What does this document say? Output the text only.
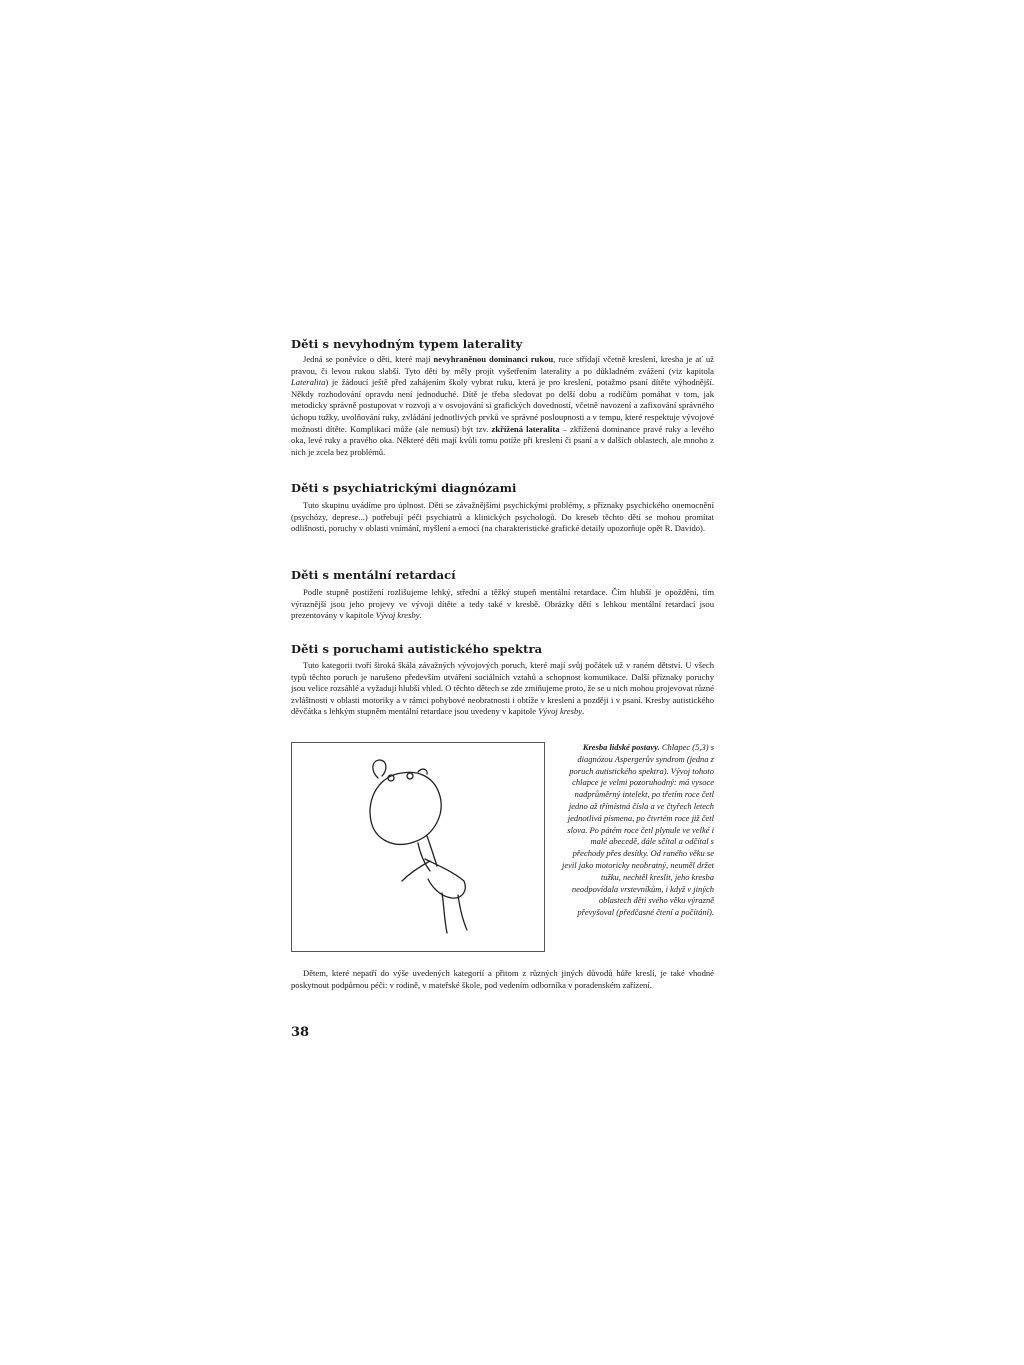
Děti s nevyhodným typem laterality

Jedná se poněvíce o děti, které mají nevyhraněnou dominanci rukou, ruce střídají včetně kreslení, kresba je ať už pravou, či levou rukou slabší. Tyto děti by měly projít vyšetřením laterality a po důkladném zvážení (viz kapitola Lateralita) je žádoucí ještě před zahájením školy vybrat ruku, která je pro kreslení, potažmo psaní dítěte výhodnější. Někdy rozhodování opravdu není jednoduché. Dítě je třeba sledovat po delší dobu a rodičům pomáhat v tom, jak metodicky správně postupovat v rozvoji a v osvojování si grafických dovedností, včetně navození a zafixování správného úchopu tužky, uvolňování ruky, zvládání jednotlivých prvků ve správné posloupnosti a v tempu, které respektuje vývojové možnosti dítěte. Komplikací může (ale nemusí) být tzv. zkřížená lateralita – zkřížená dominance pravé ruky a levého oka, levé ruky a pravého oka. Některé děti mají kvůli tomu potíže při kreslení či psaní a v dalších oblastech, ale mnoho z nich je zcela bez problémů.

Děti s psychiatrickými diagnózami

Tuto skupinu uvádíme pro úplnost. Děti se závažnějšími psychickými problémy, s příznaky psychického onemocnění (psychózy, deprese...) potřebují péči psychiatrů a klinických psychologů. Do kreseb těchto dětí se mohou promítat odlišnosti, poruchy v oblasti vnímání, myšlení a emocí (na charakteristické grafické detaily upozorňuje opět R. Davido).

Děti s mentální retardací

Podle stupně postižení rozlišujeme lehký, střední a těžký stupeň mentální retardace. Čím hlubší je opoždění, tím výraznější jsou jeho projevy ve vývoji dítěte a tedy také v kresbě. Obrázky dětí s lehkou mentální retardací jsou prezentovány v kapitole Vývoj kresby.

Děti s poruchami autistického spektra

Tuto kategorii tvoří široká škála závažných vývojových poruch, které mají svůj počátek už v raném dětství. U všech typů těchto poruch je narušeno především utváření sociálních vztahů a schopnost komunikace. Další příznaky poruchy jsou velice rozsáhlé a vyžadují hlubší vhled. O těchto dětech se zde zmiňujeme proto, že se u nich mohou projevovat různé zvláštnosti v oblasti motoriky a v rámci pohybové neobratnosti i obtíže v kreslení a později i v psaní. Kresby autistického děvčátka s lehkým stupněm mentální retardace jsou uvedeny v kapitole Vývoj kresby.

Kresba lidské postavy. Chlapec (5,3) s diagnózou Aspergerův syndrom (jedna z poruch autistického spektra). Vývoj tohoto chlapce je velmi pozoruhodný: má vysoce nadprůměrný intelekt, po třetím roce četl jedno až třímístná čísla a ve čtyřech letech jednotlivá písmena, po čtvrtém roce již četl slova. Po pátém roce četl plynule ve velké i malé abecedě, dále sčítal a odčítal s přechody přes desítky. Od raného věku se jevil jako motoricky neobratný, neuměl držet tužku, nechtěl kreslit, jeho kresba neodpovídala vrstevníkům, i když v jiných oblastech děti svého věku výrazně převyšoval (předčasné čtení a počítání).

Dětem, které nepatří do výše uvedených kategorií a přitom z různých jiných důvodů hůře kreslí, je také vhodné poskytnout podpůrnou péči: v rodině, v mateřské škole, pod vedením odborníka v poradenském zařízení.

38
